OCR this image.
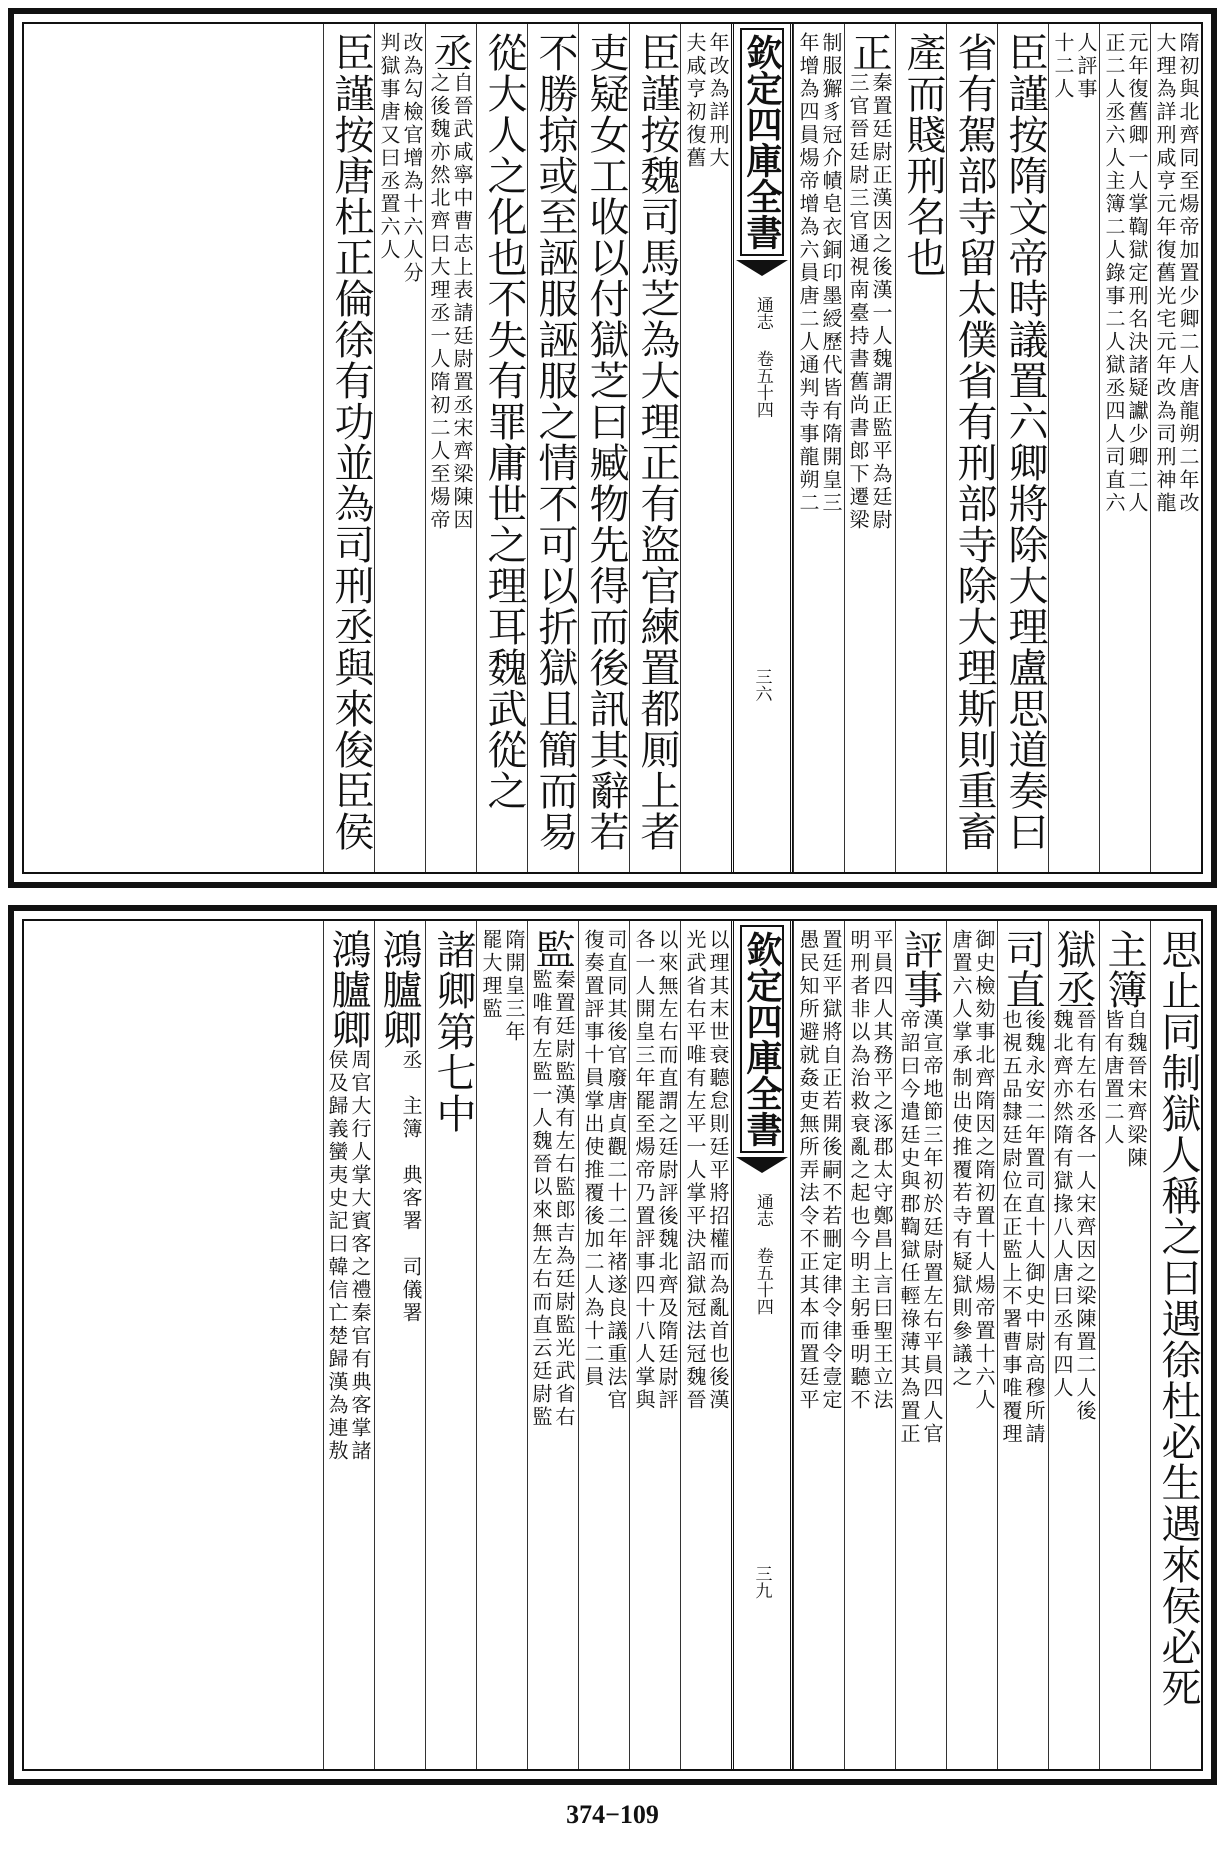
隋初與北齊同至煬帝加置少卿二人唐龍朔二年改
大理為詳刑咸亨元年復舊光宅元年改為司刑神龍
元年復舊卿一人掌鞫獄定刑名決諸疑讞少卿二人
正二人丞六人主簿二人錄事二人獄丞四人司直六
人評事
十二人
臣謹按隋文帝時議置六卿將除大理盧思道奏曰
省有駕部寺留太僕省有刑部寺除大理斯則重畜
產而賤刑名也
正
秦置廷尉正漢因之後漢一人魏謂正監平為廷尉
三官晉廷尉三官通視南臺持書舊尚書郎下遷梁
制服獬豸冠介幘皂衣銅印墨綬歷代皆有隋開皇三
年增為四員煬帝增為六員唐二人通判寺事龍朔二
欽定四庫全書
通志 卷五十四
三六
年改為詳刑大
夫咸亨初復舊
臣謹按魏司馬芝為大理正有盜官練置都厠上者
吏疑女工收以付獄芝曰臧物先得而後訊其辭若
不勝掠或至誣服誣服之情不可以折獄且簡而易
從大人之化也不失有罪庸世之理耳魏武從之
丞
自晉武咸寧中曹志上表請廷尉置丞宋齊梁陳因
之後魏亦然北齊曰大理丞一人隋初二人至煬帝
改為勾檢官增為十六人分
判獄事唐又曰丞置六人
臣謹按唐杜正倫徐有功並為司刑丞與來俊臣侯
思止同制獄人稱之曰遇徐杜必生遇來侯必死
主簿
自魏晉宋齊梁陳
皆有唐置二人
獄丞
晉有左右丞各一人宋齊因之梁陳置二人後
魏北齊亦然隋有獄掾八人唐曰丞有四人
司直
後魏永安二年置司直十人御史中尉高穆所請
也視五品隸廷尉位在正監上不署曹事唯覆理
御史檢劾事北齊隋因之隋初置十人煬帝置十六人
唐置六人掌承制出使推覆若寺有疑獄則參議之
評事
漢宣帝地節三年初於廷尉置左右平員四人官
帝詔曰今遣廷史與郡鞫獄任輕祿薄其為置正
平員四人其務平之涿郡太守鄭昌上言曰聖王立法
明刑者非以為治救衰亂之起也今明主躬垂明聽不
置廷平獄將自正若開後嗣不若刪定律令律令壹定
愚民知所避就姦吏無所弄法令不正其本而置廷平
欽定四庫全書
通志 卷五十四
三九
以理其末世衰聽怠則廷平將招權而為亂首也後漢
光武省右平唯有左平一人掌平決詔獄冠法冠魏晉
以來無左右而直謂之廷尉評後魏北齊及隋廷尉評
各一人開皇三年罷至煬帝乃置評事四十八人掌與
司直同其後官廢唐貞觀二十二年褚遂良議重法官
復奏置評事十員掌出使推覆後加二人為十二員
監
秦置廷尉監漢有左右監郎吉為廷尉監光武省右
監唯有左監一人魏晉以來無左右而直云廷尉監
隋開皇三年
罷大理監
諸卿第七中
鴻臚卿
丞　主簿　典客署　司儀署
鴻臚卿
周官大行人掌大賓客之禮秦官有典客掌諸
侯及歸義蠻夷史記曰韓信亡楚歸漢為連敖
374−109
